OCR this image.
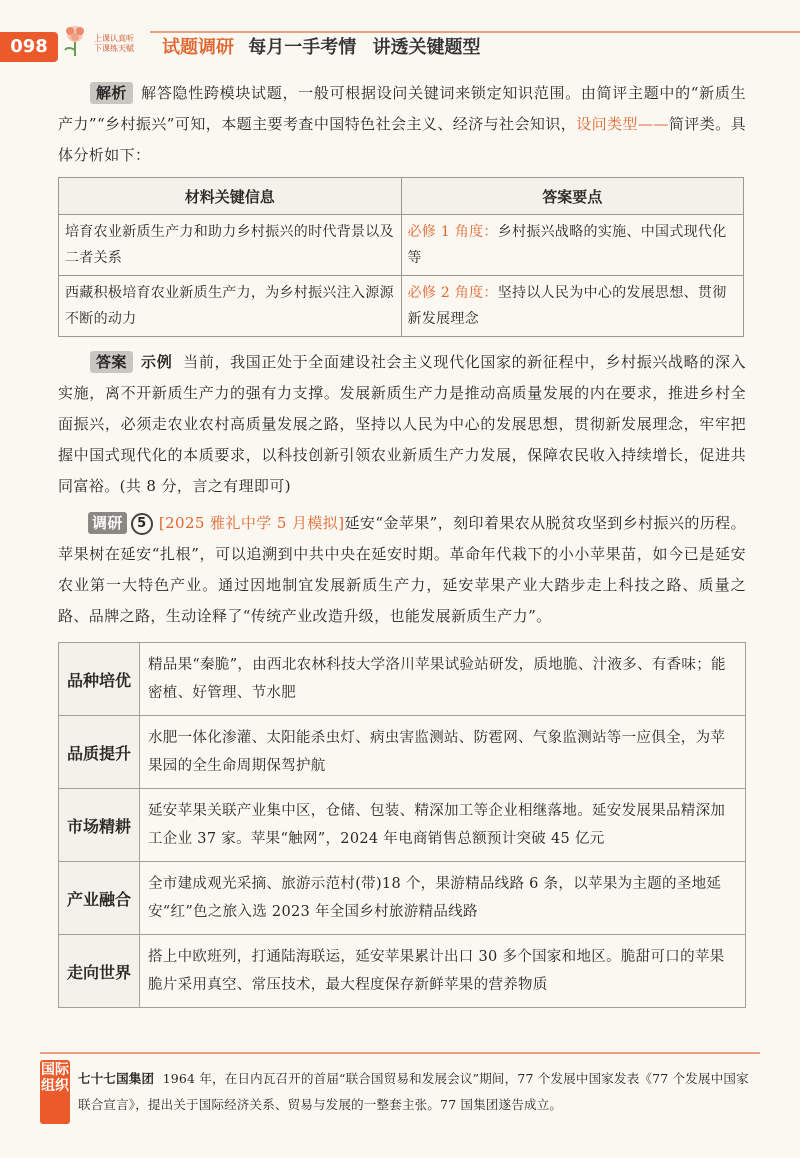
098	上课认真听 下课练天赋 试题调研 每月一手考情 讲透关键题型

解析 解答隐性跨模块试题，一般可根据设问关键词来锁定知识范围。由简评主题中的“新质生产力”“乡村振兴”可知，本题主要考查中国特色社会主义、经济与社会知识，设问类型——简评类。具体分析如下：

材料关键信息	答案要点
培育农业新质生产力和助力乡村振兴的时代背景以及二者关系	必修 1 角度：乡村振兴战略的实施、中国式现代化等
西藏积极培育农业新质生产力，为乡村振兴注入源源不断的动力	必修 2 角度：坚持以人民为中心的发展思想、贯彻新发展理念

答案 示例 当前，我国正处于全面建设社会主义现代化国家的新征程中，乡村振兴战略的深入实施，离不开新质生产力的强有力支撑。发展新质生产力是推动高质量发展的内在要求，推进乡村全面振兴，必须走农业农村高质量发展之路，坚持以人民为中心的发展思想，贯彻新发展理念，牢牢把握中国式现代化的本质要求，以科技创新引领农业新质生产力发展，保障农民收入持续增长，促进共同富裕。(共 8 分，言之有理即可)

调研 5 [2025 雅礼中学 5 月模拟]延安“金苹果”，刻印着果农从脱贫攻坚到乡村振兴的历程。苹果树在延安“扎根”，可以追溯到中共中央在延安时期。革命年代栽下的小小苹果苗，如今已是延安农业第一大特色产业。通过因地制宜发展新质生产力，延安苹果产业大踏步走上科技之路、质量之路、品牌之路，生动诠释了“传统产业改造升级，也能发展新质生产力”。

品种培优	精品果“秦脆”，由西北农林科技大学洛川苹果试验站研发，质地脆、汁液多、有香味；能密植、好管理、节水肥
品质提升	水肥一体化渗灌、太阳能杀虫灯、病虫害监测站、防雹网、气象监测站等一应俱全，为苹果园的全生命周期保驾护航
市场精耕	延安苹果关联产业集中区，仓储、包装、精深加工等企业相继落地。延安发展果品精深加工企业 37 家。苹果“触网”，2024 年电商销售总额预计突破 45 亿元
产业融合	全市建成观光采摘、旅游示范村(带)18 个，果游精品线路 6 条，以苹果为主题的圣地延安“红”色之旅入选 2023 年全国乡村旅游精品线路
走向世界	搭上中欧班列，打通陆海联运，延安苹果累计出口 30 多个国家和地区。脆甜可口的苹果脆片采用真空、常压技术，最大程度保存新鲜苹果的营养物质
国际组织 七十七国集团 1964 年，在日内瓦召开的首届“联合国贸易和发展会议”期间，77 个发展中国家发表《77 个发展中国家联合宣言》，提出关于国际经济关系、贸易与发展的一整套主张。77 国集团遂告成立。
